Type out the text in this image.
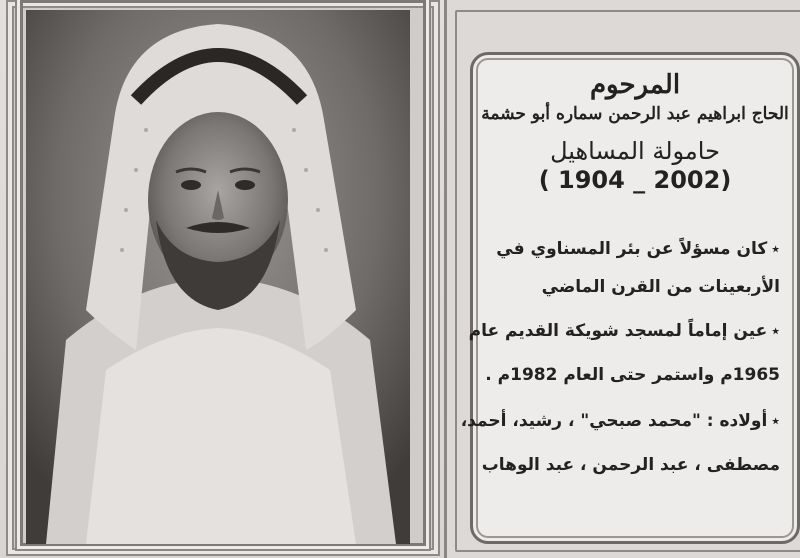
المرحوم

الحاج ابراهيم عبد الرحمن سماره أبو حشمة

حامولة المساهيل

( 1904 _ 2002)

٭كان مسؤلاً عن بئر المسناوي في

الأربعينات من القرن الماضي

٭عين إماماً لمسجد شويكة القديم عام

1965م واستمر حتى العام 1982م .

٭أولاده : "محمد صبحي" ، رشيد، أحمد،

مصطفى ، عبد الرحمن ، عبد الوهاب
